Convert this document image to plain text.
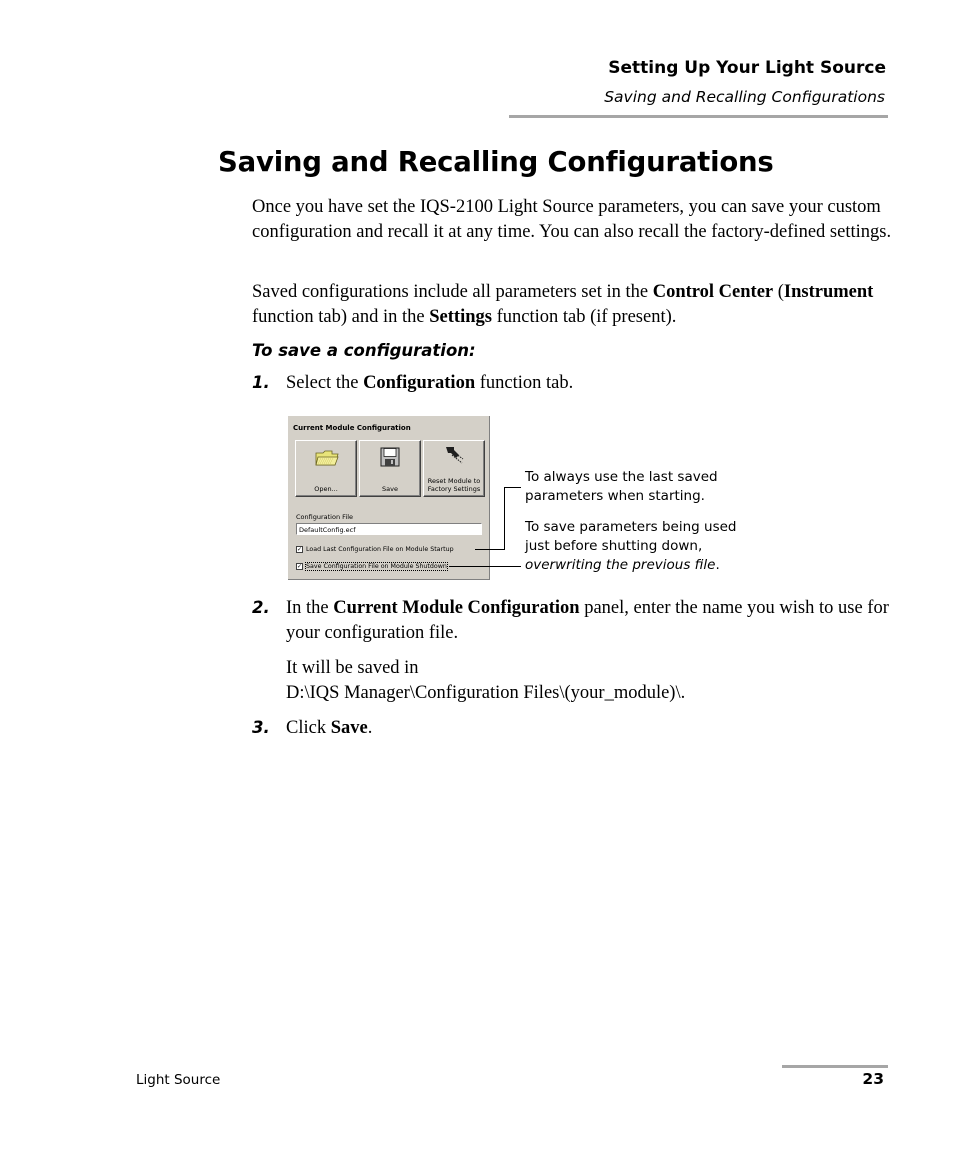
Setting Up Your Light Source
Saving and Recalling Configurations
Saving and Recalling Configurations
Once you have set the IQS-2100 Light Source parameters, you can save your custom configuration and recall it at any time. You can also recall the factory-defined settings.
Saved configurations include all parameters set in the Control Center (Instrument function tab) and in the Settings function tab (if present).
To save a configuration:
1. Select the Configuration function tab.
Current Module Configuration
Open...	Save
Reset Module to
Factory Settings
Configuration File
DefaultConfig.ecf
✓ Load Last Configuration File on Module Startup
✓ Save Configuration File on Module Shutdown
To always use the last saved
parameters when starting.
To save parameters being used
just before shutting down,
overwriting the previous file.
2. In the Current Module Configuration panel, enter the name you wish to use for your configuration file.
It will be saved in
D:\IQS Manager\Configuration Files\(your_module)\.
3. Click Save.
Light Source	23
